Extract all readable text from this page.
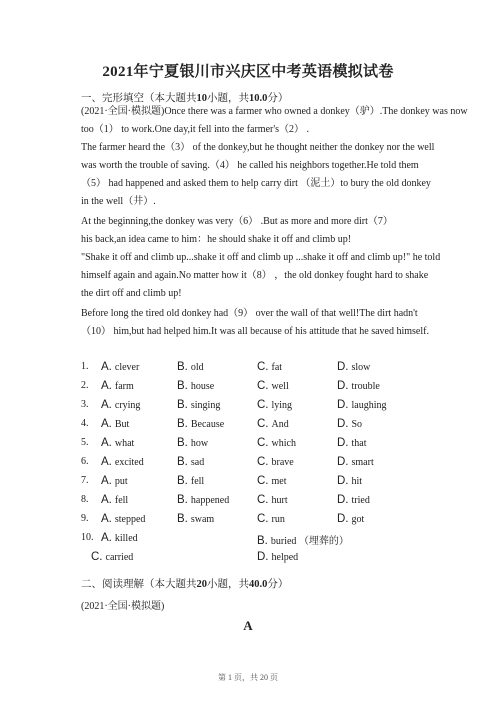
2021年宁夏银川市兴庆区中考英语模拟试卷
一、完形填空（本大题共10小题，共10.0分）
(2021·全国·模拟题)Once there was a farmer who owned a donkey（驴）.The donkey was now
too（1） to work.One day,it fell into the farmer's（2） .
The farmer heard the（3） of the donkey,but he thought neither the donkey nor the well
was worth the trouble of saving.（4） he called his neighbors together.He told them
（5） had happened and asked them to help carry dirt （泥土）to bury the old donkey
in the well（井）.
At the beginning,the donkey was very（6） .But as more and more dirt（7）
his back,an idea came to him：he should shake it off and climb up!
"Shake it off and climb up...shake it off and climb up ...shake it off and climb up!" he told
himself again and again.No matter how it（8） ，the old donkey fought hard to shake
the dirt off and climb up!
Before long the tired old donkey had（9） over the wall of that well!The dirt hadn't
（10） him,but had helped him.It was all because of his attitude that he saved himself.
1. A. clever	B. old	C. fat	D. slow
2. A. farm	B. house	C. well	D. trouble
3. A. crying	B. singing	C. lying	D. laughing
4. A. But	B. Because	C. And	D. So
5. A. what	B. how	C. which	D. that
6. A. excited	B. sad	C. brave	D. smart
7. A. put	B. fell	C. met	D. hit
8. A. fell	B. happened C. hurt	D. tried
9. A. stepped	B. swam	C. run	D. got
10. A. killed	B. buried （埋葬的）
C. carried	D. helped
二、阅读理解（本大题共20小题，共40.0分）
(2021·全国·模拟题)
A
第 1 页，共 20 页
